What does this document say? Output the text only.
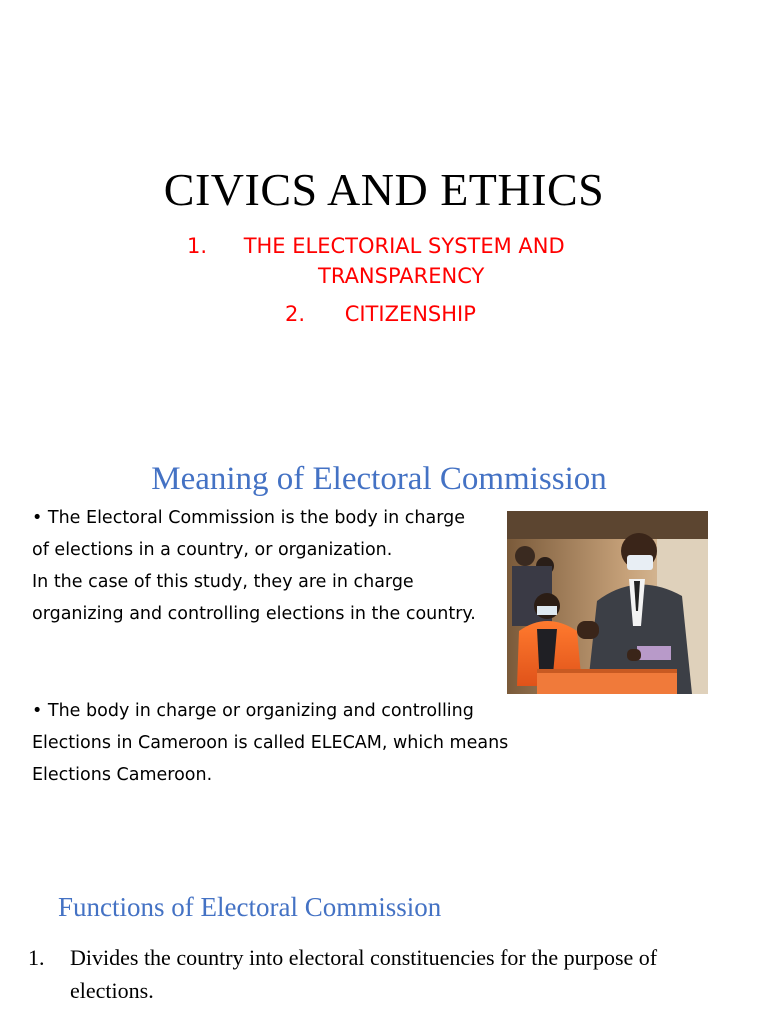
CIVICS AND ETHICS
1. THE ELECTORIAL SYSTEM AND
TRANSPARENCY
2. CITIZENSHIP
Meaning of Electoral Commission
• The Electoral Commission is the body in charge
of elections in a country, or organization.
In the case of this study, they are in charge
organizing and controlling elections in the country.
• The body in charge or organizing and controlling
Elections in Cameroon is called ELECAM, which means
Elections Cameroon.
Functions of Electoral Commission
1.	Divides the country into electoral constituencies for the purpose of
elections.
